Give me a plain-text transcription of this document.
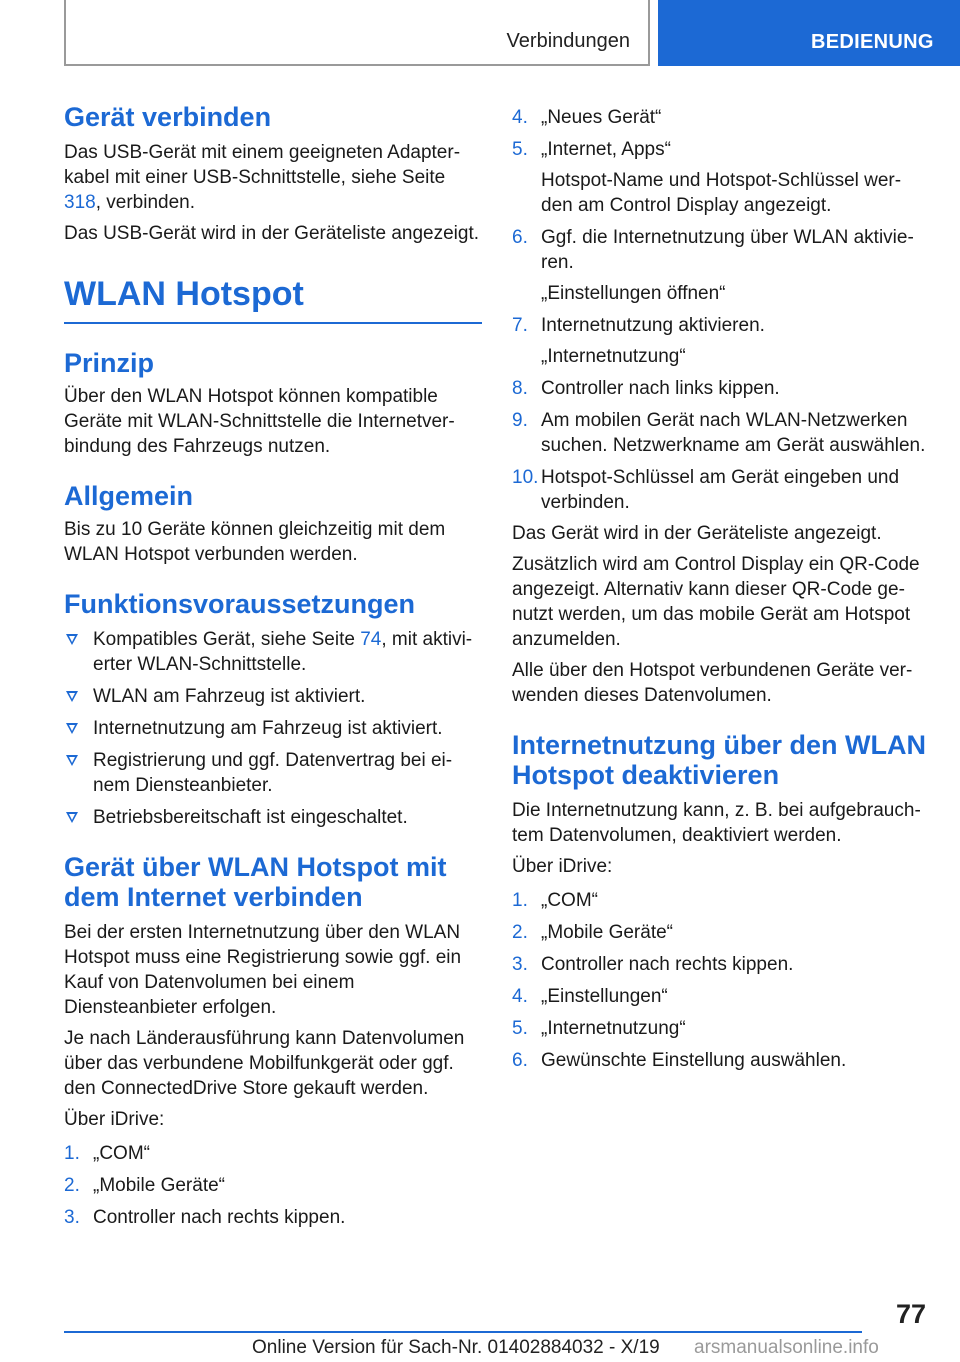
Verbindungen	BEDIENUNG
Gerät verbinden

Das USB-Gerät mit einem geeigneten Adapterkabel mit einer USB-Schnittstelle, siehe Seite 318, verbinden.

Das USB-Gerät wird in der Geräteliste angezeigt.

WLAN Hotspot
Prinzip

Über den WLAN Hotspot können kompatible Geräte mit WLAN-Schnittstelle die Internetverbindung des Fahrzeugs nutzen.

Allgemein

Bis zu 10 Geräte können gleichzeitig mit dem WLAN Hotspot verbunden werden.

Funktionsvoraussetzungen
Kompatibles Gerät, siehe Seite 74, mit aktivierter WLAN-Schnittstelle.
WLAN am Fahrzeug ist aktiviert.
Internetnutzung am Fahrzeug ist aktiviert.
Registrierung und ggf. Datenvertrag bei einem Diensteanbieter.
Betriebsbereitschaft ist eingeschaltet.
Gerät über WLAN Hotspot mit dem Internet verbinden

Bei der ersten Internetnutzung über den WLAN Hotspot muss eine Registrierung sowie ggf. ein Kauf von Datenvolumen bei einem Diensteanbieter erfolgen.

Je nach Länderausführung kann Datenvolumen über das verbundene Mobilfunkgerät oder ggf. den ConnectedDrive Store gekauft werden.

Über iDrive:

1. „COM“
2. „Mobile Geräte“
3. Controller nach rechts kippen.
4. „Neues Gerät“
5. „Internet, Apps“

Hotspot-Name und Hotspot-Schlüssel werden am Control Display angezeigt.

6. Ggf. die Internetnutzung über WLAN aktivieren.

„Einstellungen öffnen“

7. Internetnutzung aktivieren.

„Internetnutzung“

8. Controller nach links kippen.
9. Am mobilen Gerät nach WLAN-Netzwerken suchen. Netzwerkname am Gerät auswählen.
10. Hotspot-Schlüssel am Gerät eingeben und verbinden.

Das Gerät wird in der Geräteliste angezeigt.

Zusätzlich wird am Control Display ein QR-Code angezeigt. Alternativ kann dieser QR-Code genutzt werden, um das mobile Gerät am Hotspot anzumelden.

Alle über den Hotspot verbundenen Geräte verwenden dieses Datenvolumen.

Internetnutzung über den WLAN Hotspot deaktivieren

Die Internetnutzung kann, z. B. bei aufgebrauchtem Datenvolumen, deaktiviert werden.

Über iDrive:

1. „COM“
2. „Mobile Geräte“
3. Controller nach rechts kippen.
4. „Einstellungen“
5. „Internetnutzung“
6. Gewünschte Einstellung auswählen.
77
Online Version für Sach-Nr. 01402884032 - X/19 arsmanualsonline.info
